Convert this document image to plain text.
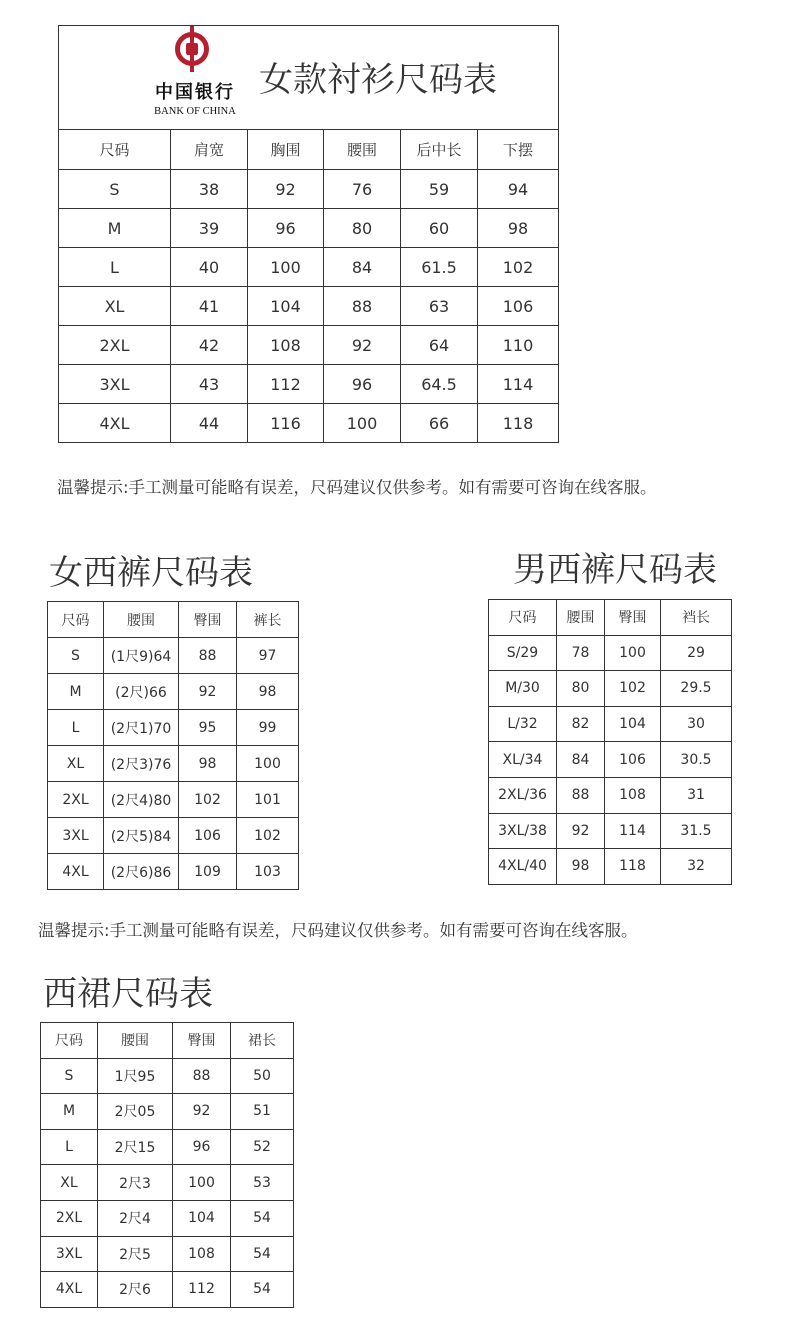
中国银行
BANK OF CHINA
女款衬衫尺码表					

尺码	肩宽	胸围	腰围	后中长	下摆
S	38	92	76	59	94
M	39	96	80	60	98
L	40	100	84	61.5	102
XL	41	104	88	63	106
2XL	42	108	92	64	110
3XL	43	112	96	64.5	114
4XL	44	116	100	66	118
温馨提示:手工测量可能略有误差，尺码建议仅供参考。如有需要可咨询在线客服。
女西裤尺码表	男西裤尺码表
尺码	腰围	臀围	裤长
S	(1尺9)64	88	97
M	(2尺)66	92	98
L	(2尺1)70	95	99
XL	(2尺3)76	98	100
2XL	(2尺4)80	102	101
3XL	(2尺5)84	106	102
4XL	(2尺6)86	109	103
尺码	腰围	臀围	裆长
S/29	78	100	29
M/30	80	102	29.5
L/32	82	104	30
XL/34	84	106	30.5
2XL/36	88	108	31
3XL/38	92	114	31.5
4XL/40	98	118	32
温馨提示:手工测量可能略有误差，尺码建议仅供参考。如有需要可咨询在线客服。
西裙尺码表
尺码	腰围	臀围	裙长
S	1尺95	88	50
M	2尺05	92	51
L	2尺15	96	52
XL	2尺3	100	53
2XL	2尺4	104	54
3XL	2尺5	108	54
4XL	2尺6	112	54
